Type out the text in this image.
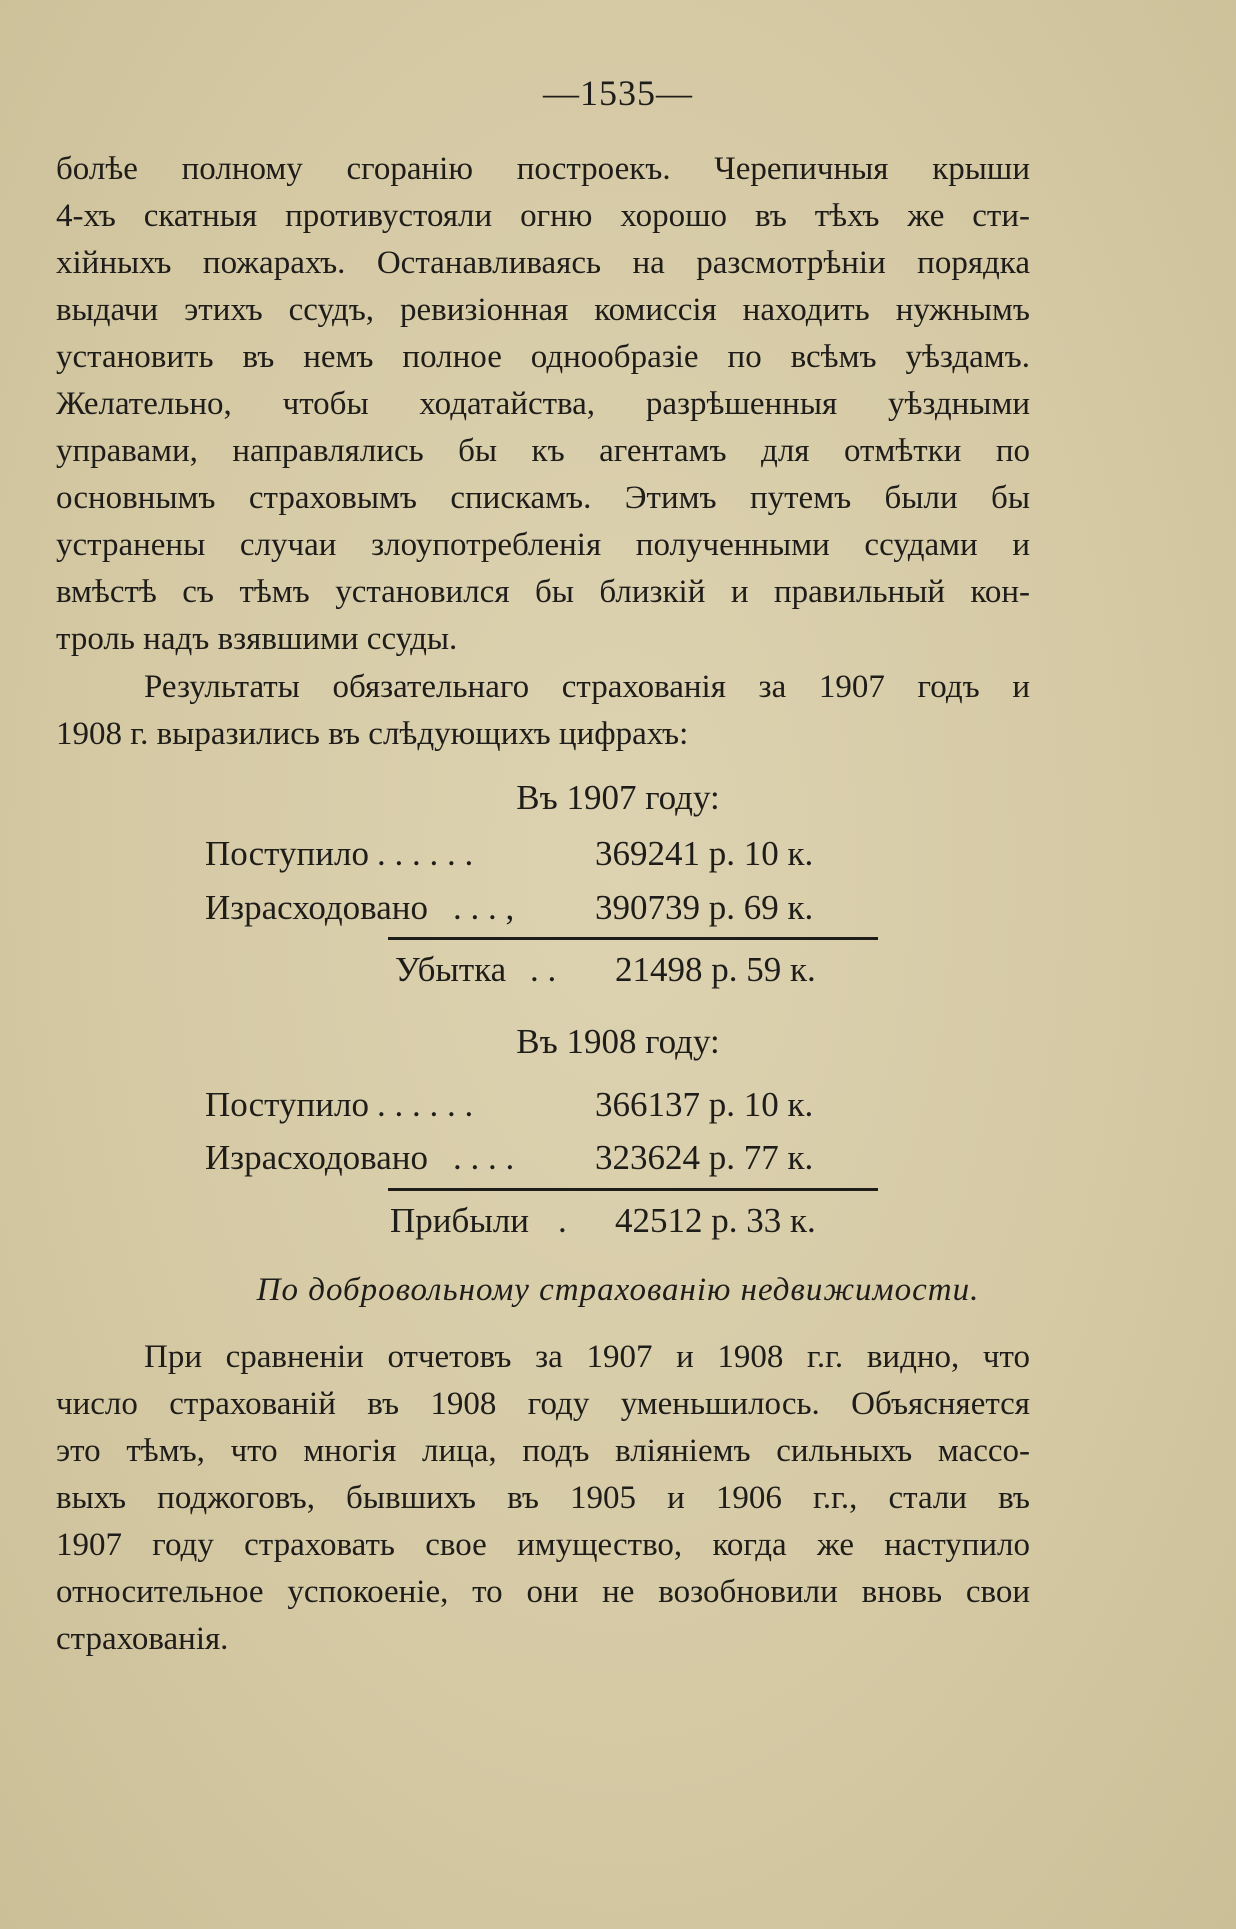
—1535—
болѣе полному сгоранію построекъ. Черепичныя крыши
4-хъ скатныя противустояли огню хорошо въ тѣхъ же сти-
хійныхъ пожарахъ. Останавливаясь на разсмотрѣніи порядка
выдачи этихъ ссудъ, ревизіонная комиссія находить нужнымъ
установить въ немъ полное однообразіе по всѣмъ уѣздамъ.
Желательно, чтобы ходатайства, разрѣшенныя уѣздными
управами, направлялись бы къ агентамъ для отмѣтки по
основнымъ страховымъ спискамъ. Этимъ путемъ были бы
устранены случаи злоупотребленія полученными ссудами и
вмѣстѣ съ тѣмъ установился бы близкій и правильный кон-
троль надъ взявшими ссуды.
Результаты обязательнаго страхованія за 1907 годъ и
1908 г. выразились въ слѣдующихъ цифрахъ:
Въ 1907 году:
Поступило . . . . . .	369241 р. 10 к.
Израсходовано . . . , 390739 р. 69 к.
Убытка . . 21498 р. 59 к.
Въ 1908 году:
Поступило . . . . . .	366137 р. 10 к.
Израсходовано . . . . 323624 р. 77 к.
Прибыли . 42512 р. 33 к.
По добровольному страхованію недвижимости.
При сравненіи отчетовъ за 1907 и 1908 г.г. видно, что
число страхованій въ 1908 году уменьшилось. Объясняется
это тѣмъ, что многія лица, подъ вліяніемъ сильныхъ массо-
выхъ поджоговъ, бывшихъ въ 1905 и 1906 г.г., стали въ
1907 году страховать свое имущество, когда же наступило
относительное успокоеніе, то они не возобновили вновь свои
страхованія.
